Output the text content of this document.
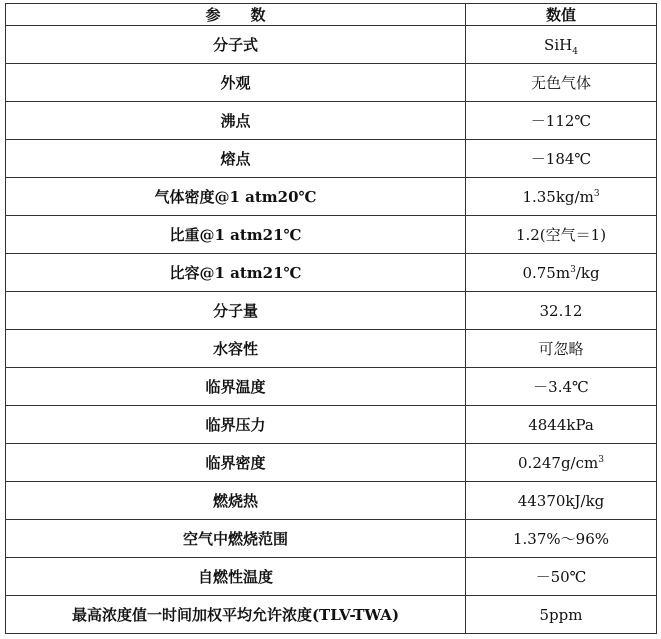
参　　数	数值
分子式	SiH$_4$
外观	无色气体
沸点	－112℃
熔点	－184℃
气体密度@1 atm20℃	$1.35kg/m^3$
比重@1 atm21℃	1.2(空气＝1)
比容@1 atm21℃	$0.75m^3/kg$
分子量	32.12
水容性	可忽略
临界温度	－3.4℃
临界压力	4844kPa
临界密度	$0.247g/cm^3$
燃烧热	44370kJ/kg
空气中燃烧范围	1.37%～96%
自燃性温度	－50℃
最高浓度值一时间加权平均允许浓度(TLV-TWA)	5ppm
